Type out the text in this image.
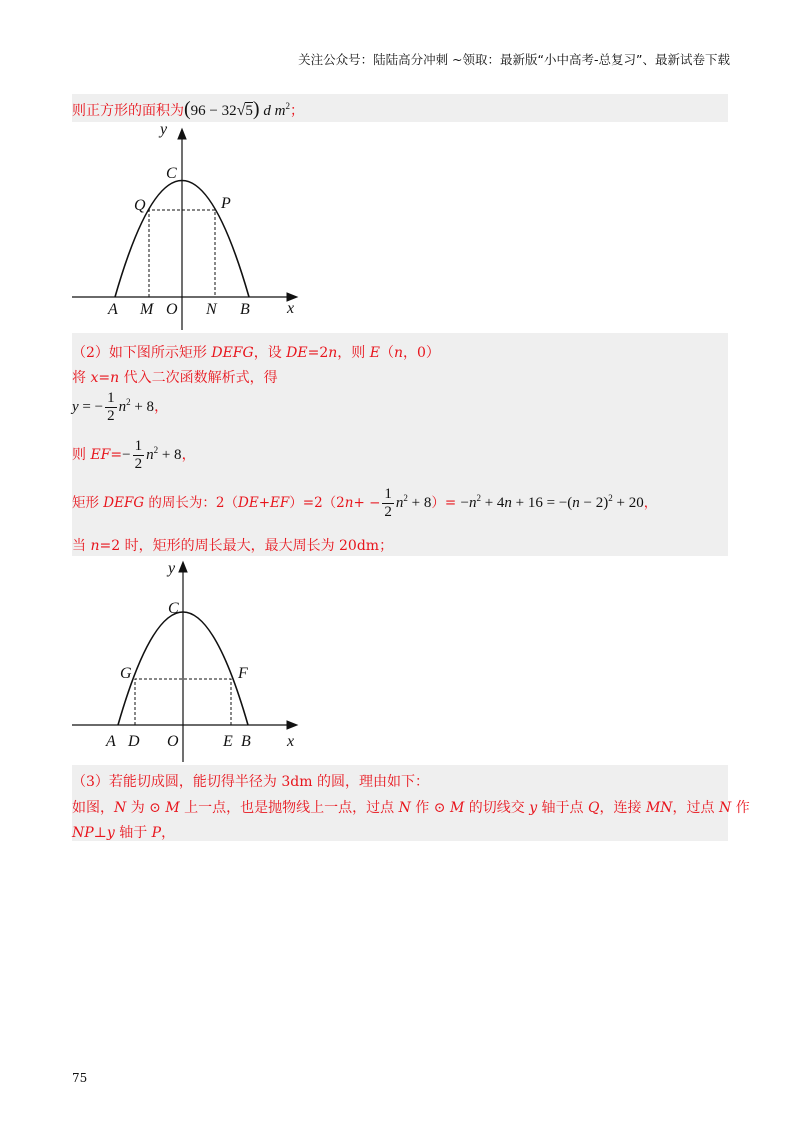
关注公众号：陆陆高分冲刺 ~领取：最新版“小中高考-总复习”、最新试卷下载
则正方形的面积为(96 − 32√5) d $m^2$；
y
x
C
Q	P
A M O N B
（2）如下图所示矩形 DEFG，设 DE=2n，则 E（n，0）
将 x=n 代入二次函数解析式，得
y = − $\frac{1}{2} n^2 + 8$，
则 $EF=- \frac{1}{2} n^2 + 8$，
矩形 DEFG 的周长为：$2(DE+EF)=2(2n+ - \frac{1}{2} n^2 + 8)= -n^2 + 4n + 16 = -(n - 2)^2 + 20$，
当 n=2 时，矩形的周长最大，最大周长为 20dm；
y
x
C
G	F
A D O	E B
（3）若能切成圆，能切得半径为 3dm 的圆，理由如下：
如图，N 为 ⊙ M 上一点，也是抛物线上一点，过点 N 作 ⊙ M 的切线交 y 轴于点 Q，连接 MN，过点 N 作
NP⊥y 轴于 P，
75
